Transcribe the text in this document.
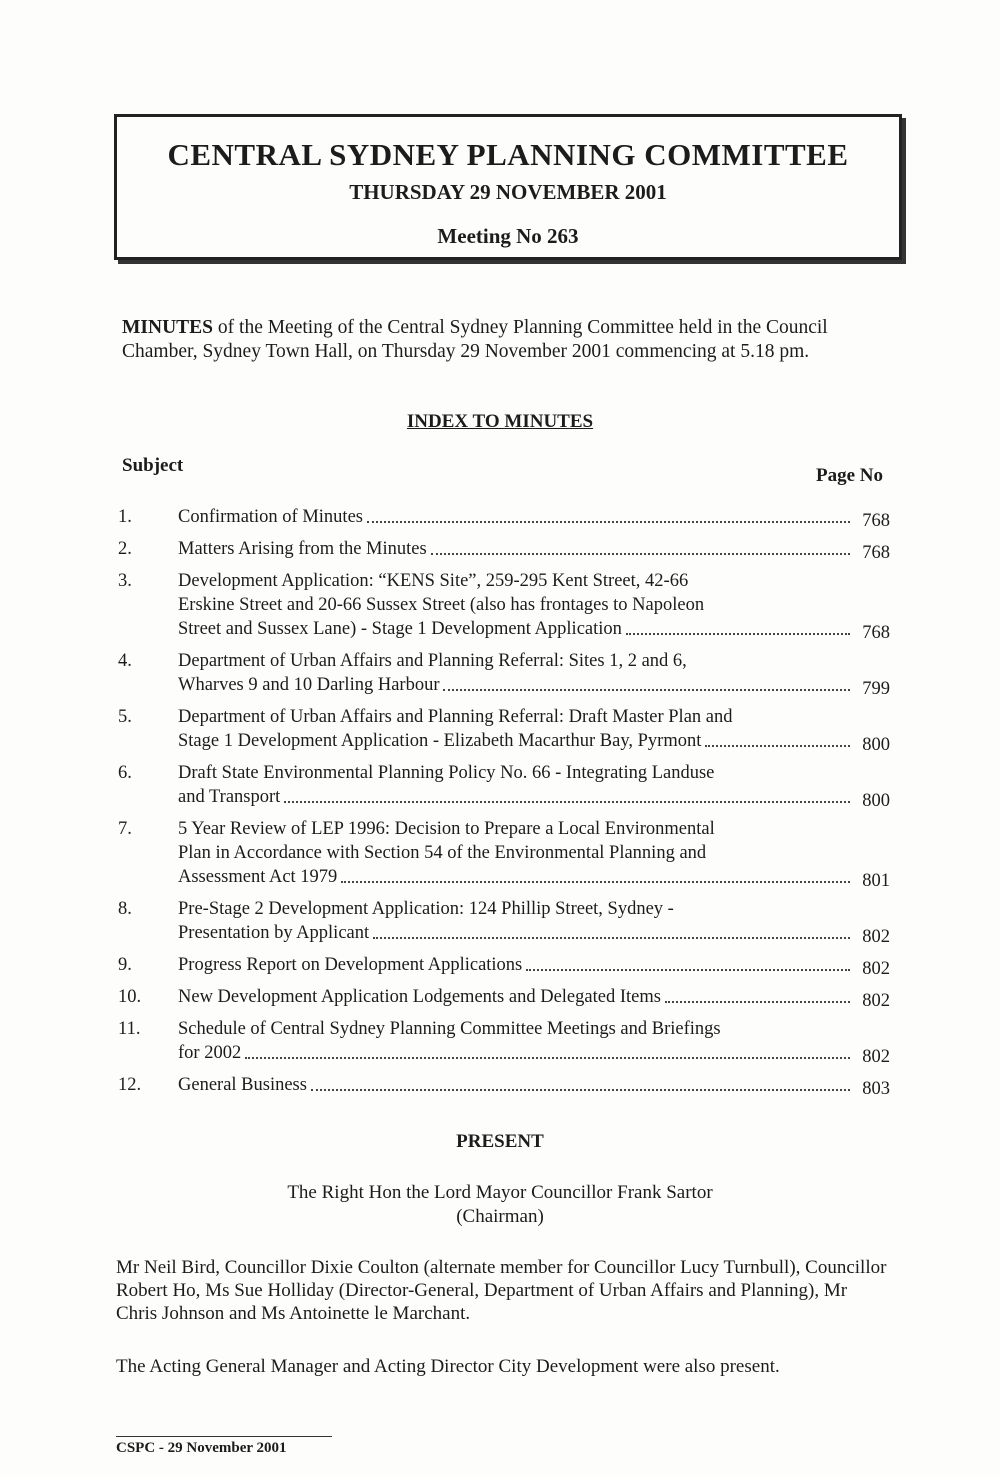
CENTRAL SYDNEY PLANNING COMMITTEE
THURSDAY 29 NOVEMBER 2001
Meeting No 263
MINUTES of the Meeting of the Central Sydney Planning Committee held in the Council Chamber, Sydney Town Hall, on Thursday 29 November 2001 commencing at 5.18 pm.
INDEX TO MINUTES
Subject	Page No
1.	Confirmation of Minutes	768
2.	Matters Arising from the Minutes	768
3.	Development Application: “KENS Site”, 259-295 Kent Street, 42-66
Erskine Street and 20-66 Sussex Street (also has frontages to Napoleon
Street and Sussex Lane) - Stage 1 Development Application	768
4.	Department of Urban Affairs and Planning Referral: Sites 1, 2 and 6,
Wharves 9 and 10 Darling Harbour	799
5.	Department of Urban Affairs and Planning Referral: Draft Master Plan and
Stage 1 Development Application - Elizabeth Macarthur Bay, Pyrmont	800
6.	Draft State Environmental Planning Policy No. 66 - Integrating Landuse
and Transport	800
7.	5 Year Review of LEP 1996: Decision to Prepare a Local Environmental
Plan in Accordance with Section 54 of the Environmental Planning and
Assessment Act 1979	801
8.	Pre-Stage 2 Development Application: 124 Phillip Street, Sydney -
Presentation by Applicant	802
9.	Progress Report on Development Applications	802
10.	New Development Application Lodgements and Delegated Items	802
11.	Schedule of Central Sydney Planning Committee Meetings and Briefings
for 2002	802
12.	General Business	803
PRESENT
The Right Hon the Lord Mayor Councillor Frank Sartor
(Chairman)
Mr Neil Bird, Councillor Dixie Coulton (alternate member for Councillor Lucy Turnbull), Councillor Robert Ho, Ms Sue Holliday (Director-General, Department of Urban Affairs and Planning), Mr Chris Johnson and Ms Antoinette le Marchant.
The Acting General Manager and Acting Director City Development were also present.
CSPC - 29 November 2001
